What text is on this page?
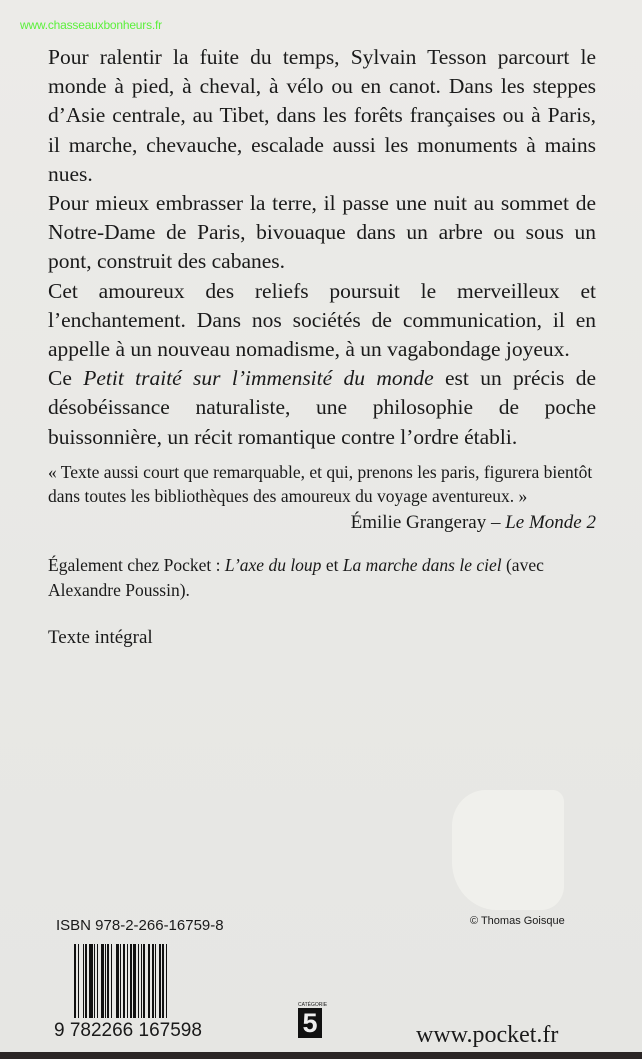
www.chasseauxbonheurs.fr

Pour ralentir la fuite du temps, Sylvain Tesson parcourt le monde à pied, à cheval, à vélo ou en canot. Dans les steppes d’Asie centrale, au Tibet, dans les forêts françaises ou à Paris, il marche, chevauche, escalade aussi les monuments à mains nues.

Pour mieux embrasser la terre, il passe une nuit au sommet de Notre-Dame de Paris, bivouaque dans un arbre ou sous un pont, construit des cabanes.

Cet amoureux des reliefs poursuit le merveilleux et l’enchantement. Dans nos sociétés de communication, il en appelle à un nouveau nomadisme, à un vagabondage joyeux.

Ce Petit traité sur l’immensité du monde est un précis de désobéissance naturaliste, une philosophie de poche buissonnière, un récit romantique contre l’ordre établi.

« Texte aussi court que remarquable, et qui, prenons les paris, figurera bientôt dans toutes les bibliothèques des amoureux du voyage aventureux. »
Émilie Grangeray – Le Monde 2
Également chez Pocket : L’axe du loup et La marche dans le ciel (avec Alexandre Poussin).
Texte intégral
ISBN 978-2-266-16759-8
9 782266 167598
CATÉGORIE
5
© Thomas Goisque
www.pocket.fr
